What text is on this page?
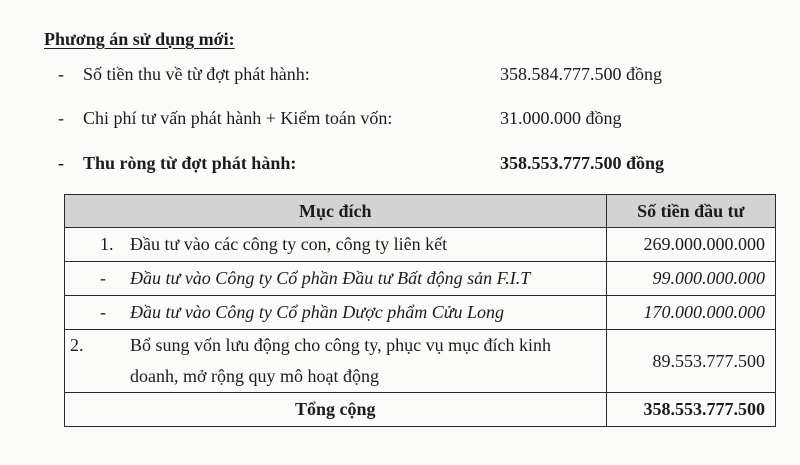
Phương án sử dụng mới:
- Số tiền thu về từ đợt phát hành:	358.584.777.500 đồng
- Chi phí tư vấn phát hành + Kiểm toán vốn:	31.000.000 đồng
- Thu ròng từ đợt phát hành:	358.553.777.500 đồng
Mục đích	Số tiền đầu tư
1. Đầu tư vào các công ty con, công ty liên kết	269.000.000.000
- Đầu tư vào Công ty Cổ phần Đầu tư Bất động sản F.I.T	99.000.000.000
- Đầu tư vào Công ty Cổ phần Dược phẩm Cửu Long	170.000.000.000

2. Bổ sung vốn lưu động cho công ty, phục vụ mục đích kinh doanh, mở rộng quy mô hoạt động	89.553.777.500
Tổng cộng	358.553.777.500
